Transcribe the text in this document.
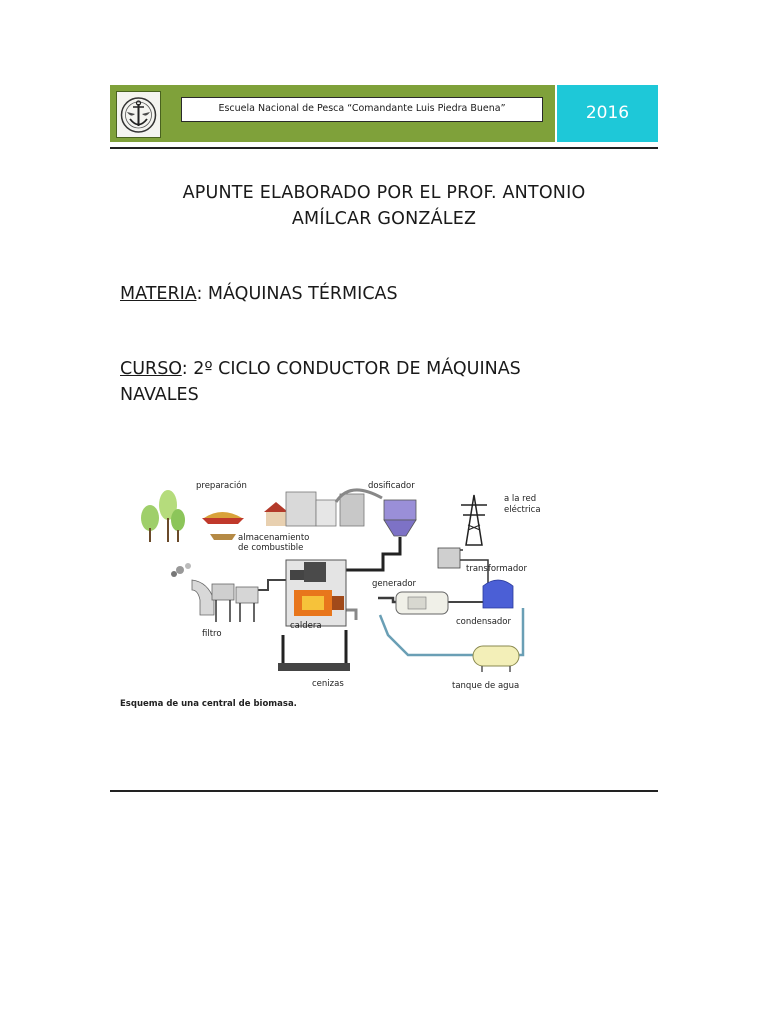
Escuela Nacional de Pesca “Comandante Luis Piedra Buena”	2016
APUNTE ELABORADO POR EL PROF. ANTONIO
AMÍLCAR GONZÁLEZ
MATERIA: MÁQUINAS TÉRMICAS
CURSO: 2º CICLO CONDUCTOR DE MÁQUINAS
NAVALES
preparación	dosificador
almacenamiento
de combustible
a la red
eléctrica
transformador
generador
filtro
caldera	condensador
cenizas	tanque de agua
Esquema de una central de biomasa.
